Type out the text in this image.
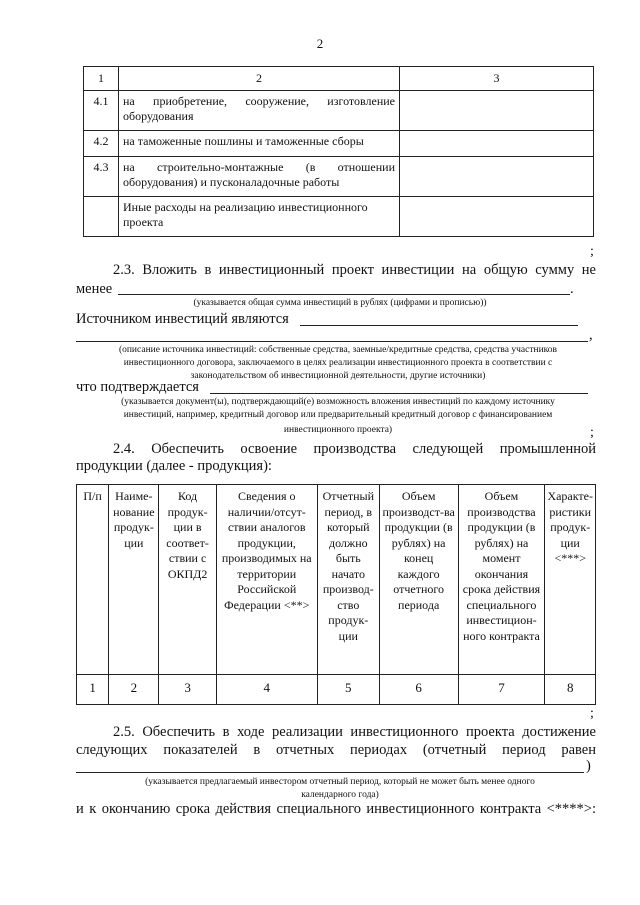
2
1	2	3
4.1	на приобретение, сооружение, изготовление оборудования	
4.2	на таможенные пошлины и таможенные сборы	
4.3	на строительно-монтажные (в отношении оборудования) и пусконаладочные работы	
	Иные расходы на реализацию инвестиционного проекта	
;
2.3. Вложить в инвестиционный проект инвестиции на общую сумму не
менее	.
(указывается общая сумма инвестиций в рублях (цифрами и прописью))
Источником инвестиций являются
,
(описание источника инвестиций: собственные средства, заемные/кредитные средства, средства участников
инвестиционного договора, заключаемого в целях реализации инвестиционного проекта в соответствии с
законодательством об инвестиционной деятельности, другие источники)
что подтверждается
(указывается документ(ы), подтверждающий(е) возможность вложения инвестиций по каждому источнику
инвестиций, например, кредитный договор или предварительный кредитный договор с финансированием
инвестиционного проекта)	;
2.4. Обеспечить освоение производства следующей промышленной
продукции (далее - продукция):
П/п	Наиме-нование продук-ции	Код продук-ции в соответ-ствии с ОКПД2	Сведения о наличии/отсут-ствии аналогов продукции, производимых на территории Российской Федерации <**>	Отчетный период, в который должно быть начато производ-ство продук-ции	Объем производст-ва продукции (в рублях) на конец каждого отчетного периода	Объем производства продукции (в рублях) на момент окончания срока действия специального инвестицион-ного контракта	Характе-ристики продук-ции <***>
1	2	3	4	5	6	7	8
;
2.5. Обеспечить в ходе реализации инвестиционного проекта достижение
следующих показателей в отчетных периодах (отчетный период равен
)
(указывается предлагаемый инвестором отчетный период, который не может быть менее одного
календарного года)
и к окончанию срока действия специального инвестиционного контракта <****>:
